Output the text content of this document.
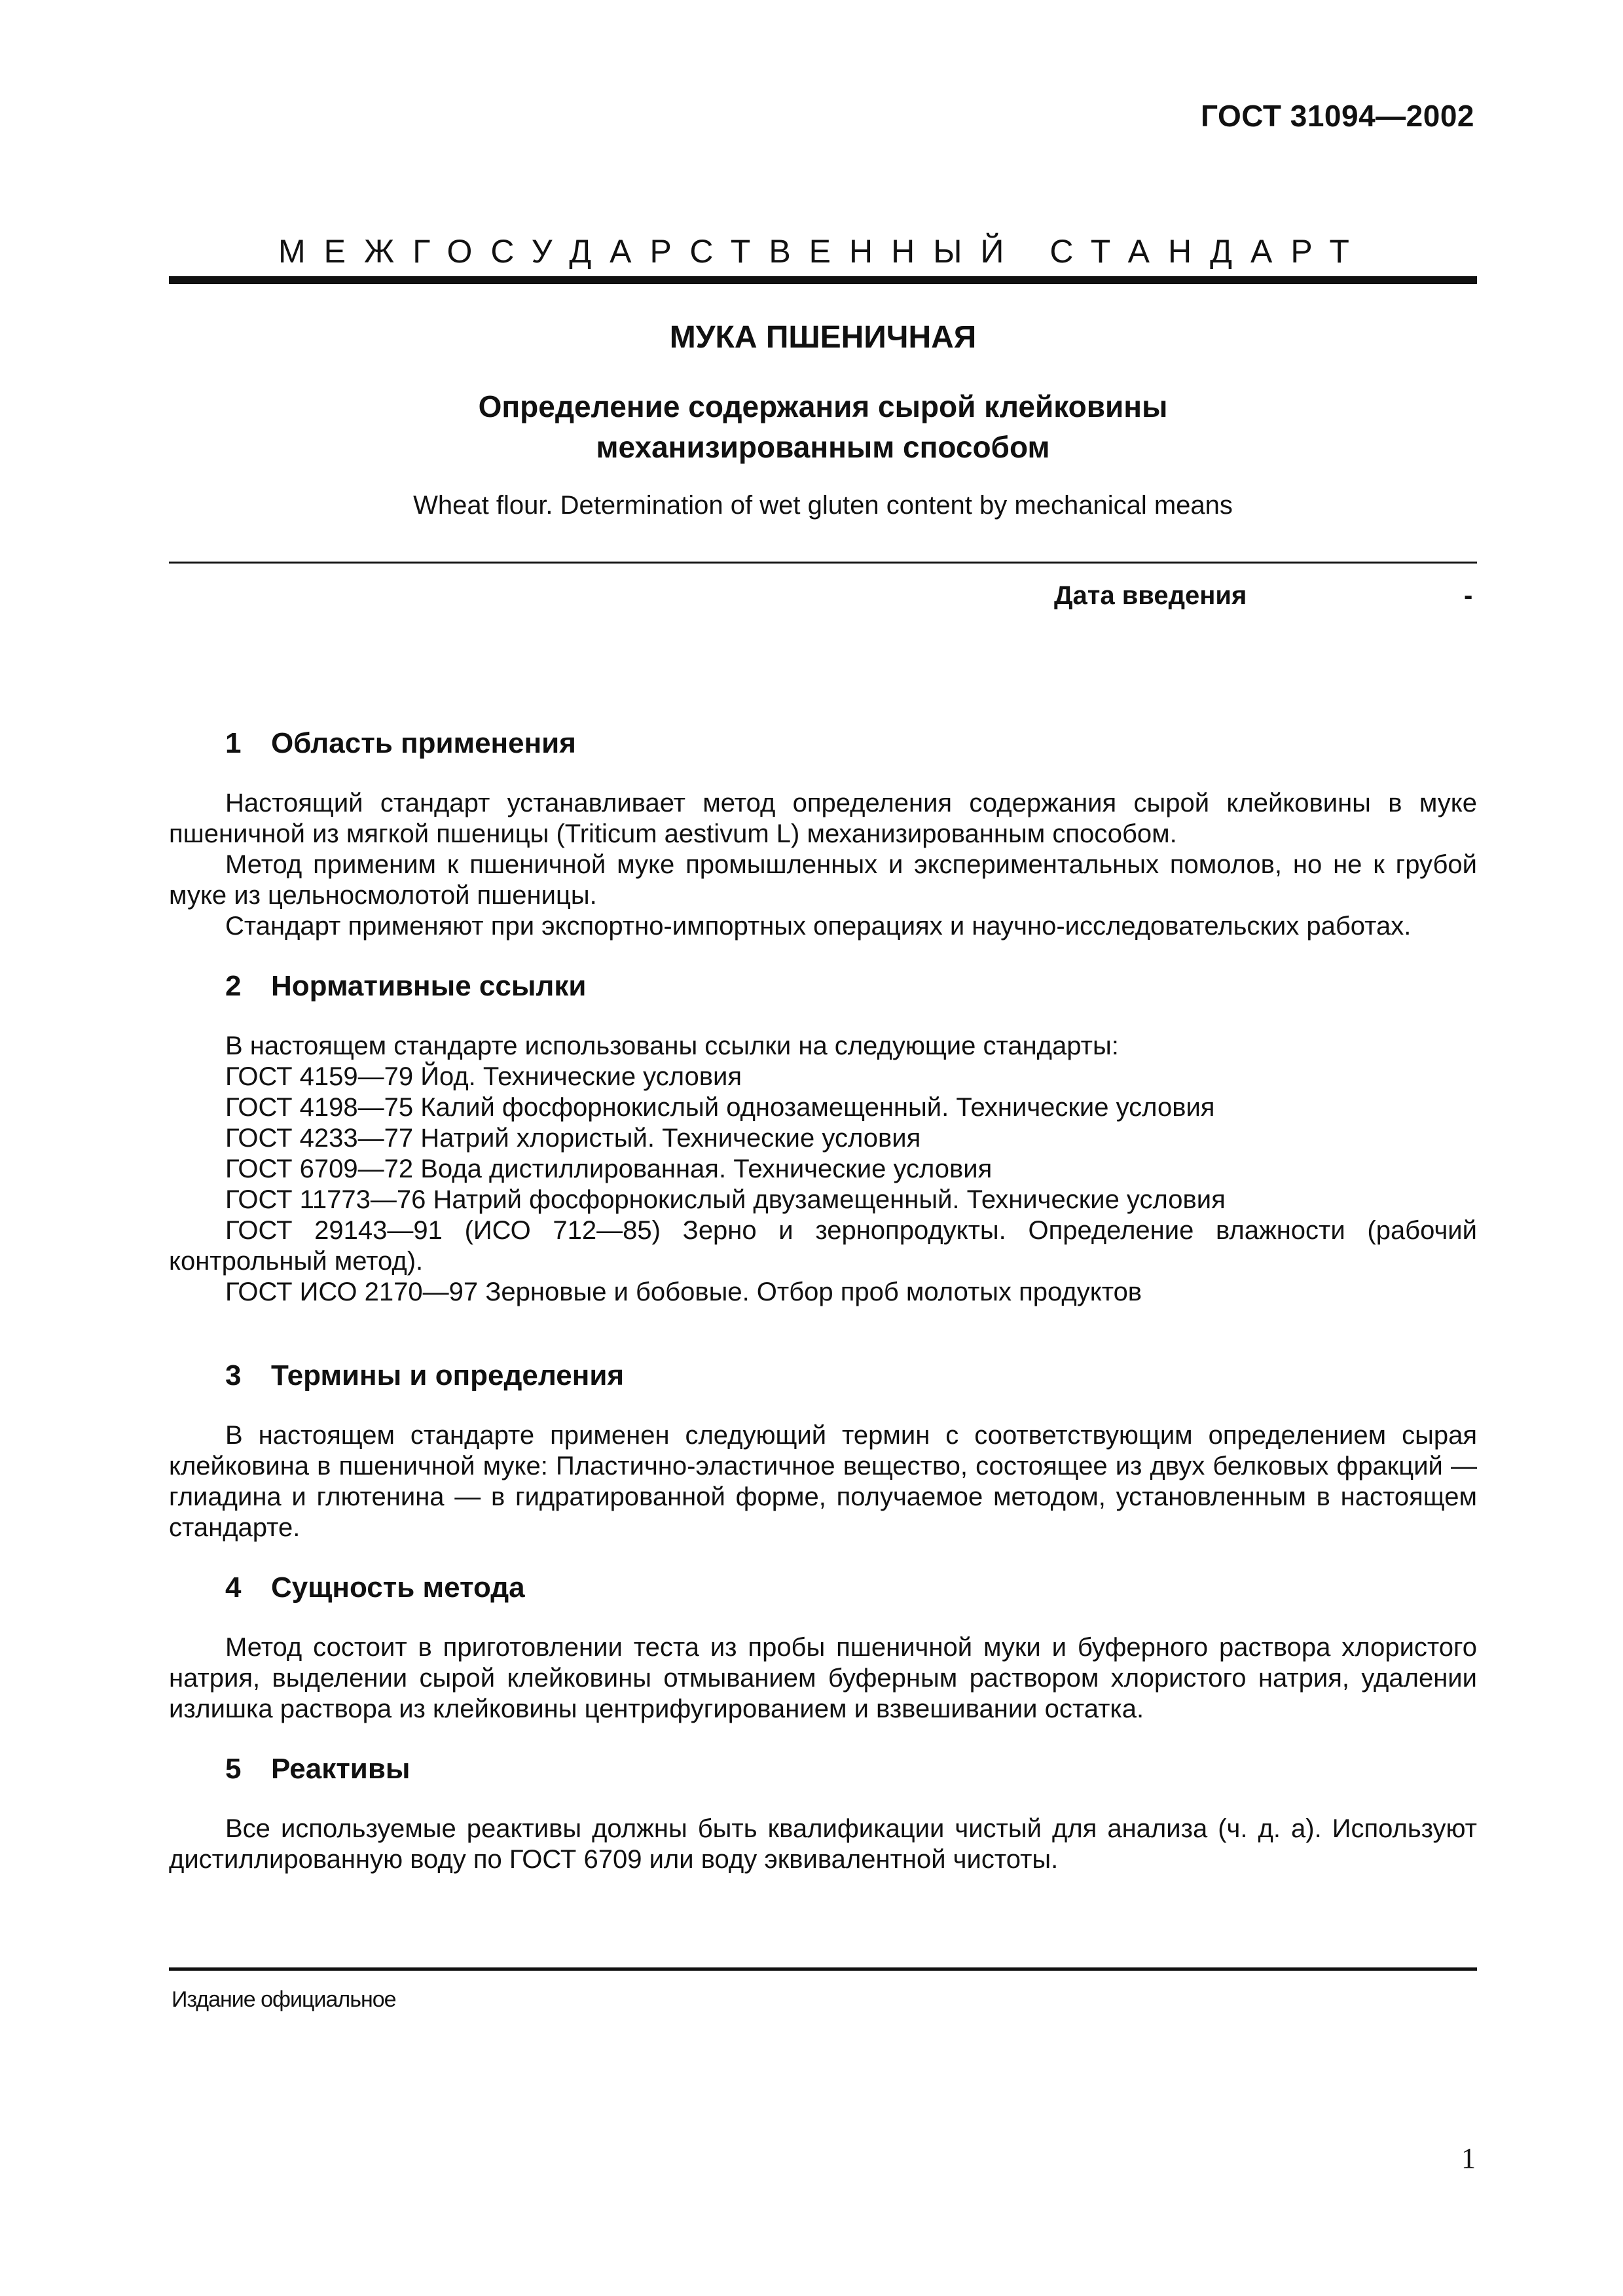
ГОСТ 31094—2002
МЕЖГОСУДАРСТВЕННЫЙ СТАНДАРТ
МУКА ПШЕНИЧНАЯ
Определение содержания сырой клейковины
механизированным способом
Wheat flour. Determination of wet gluten content by mechanical means
Дата введения	-
1 Область применения

Настоящий стандарт устанавливает метод определения содержания сырой клейковины в муке пшеничной из мягкой пшеницы (Triticum aestivum L) механизированным способом.

Метод применим к пшеничной муке промышленных и экспериментальных помолов, но не к грубой муке из цельносмолотой пшеницы.

Стандарт применяют при экспортно-импортных операциях и научно-исследовательских работах.

2 Нормативные ссылки

В настоящем стандарте использованы ссылки на следующие стандарты:

ГОСТ 4159—79 Йод. Технические условия

ГОСТ 4198—75 Калий фосфорнокислый однозамещенный. Технические условия

ГОСТ 4233—77 Натрий хлористый. Технические условия

ГОСТ 6709—72 Вода дистиллированная. Технические условия

ГОСТ 11773—76 Натрий фосфорнокислый двузамещенный. Технические условия

ГОСТ 29143—91 (ИСО 712—85) Зерно и зернопродукты. Определение влажности (рабочий контрольный метод).

ГОСТ ИСО 2170—97 Зерновые и бобовые. Отбор проб молотых продуктов

3 Термины и определения

В настоящем стандарте применен следующий термин с соответствующим определением сырая клейковина в пшеничной муке: Пластично-эластичное вещество, состоящее из двух белковых фракций — глиадина и глютенина — в гидратированной форме, получаемое методом, установленным в настоящем стандарте.

4 Сущность метода

Метод состоит в приготовлении теста из пробы пшеничной муки и буферного раствора хлористого натрия, выделении сырой клейковины отмыванием буферным раствором хлористого натрия, удалении излишка раствора из клейковины центрифугированием и взвешивании остатка.

5 Реактивы

Все используемые реактивы должны быть квалификации чистый для анализа (ч. д. а). Используют дистиллированную воду по ГОСТ 6709 или воду эквивалентной чистоты.

Издание официальное
1
